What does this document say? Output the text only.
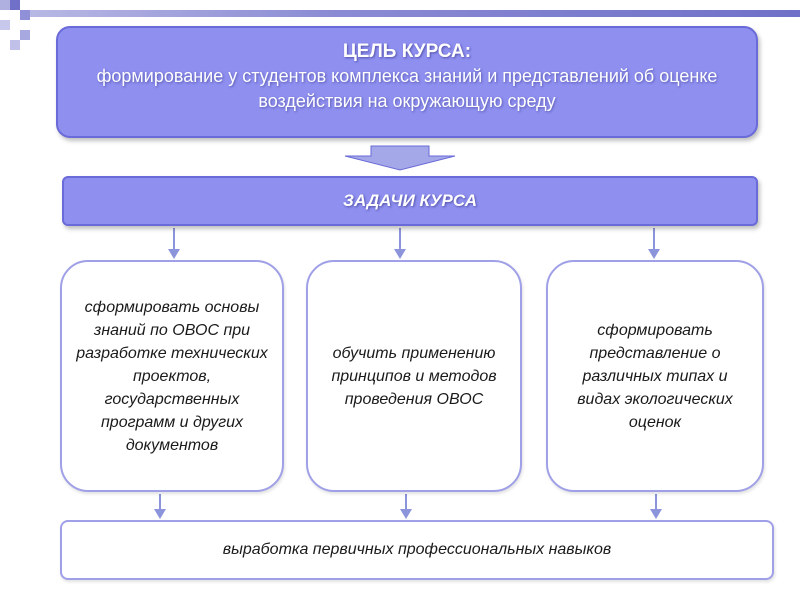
ЦЕЛЬ КУРСА:
формирование у студентов комплекса знаний и представлений об оценке воздействия на окружающую среду
ЗАДАЧИ КУРСА
сформировать основы знаний по ОВОС при разработке технических проектов, государственных программ и других документов
обучить применению принципов и методов проведения ОВОС
сформировать представление о различных типах и видах экологических оценок
выработка первичных профессиональных навыков
